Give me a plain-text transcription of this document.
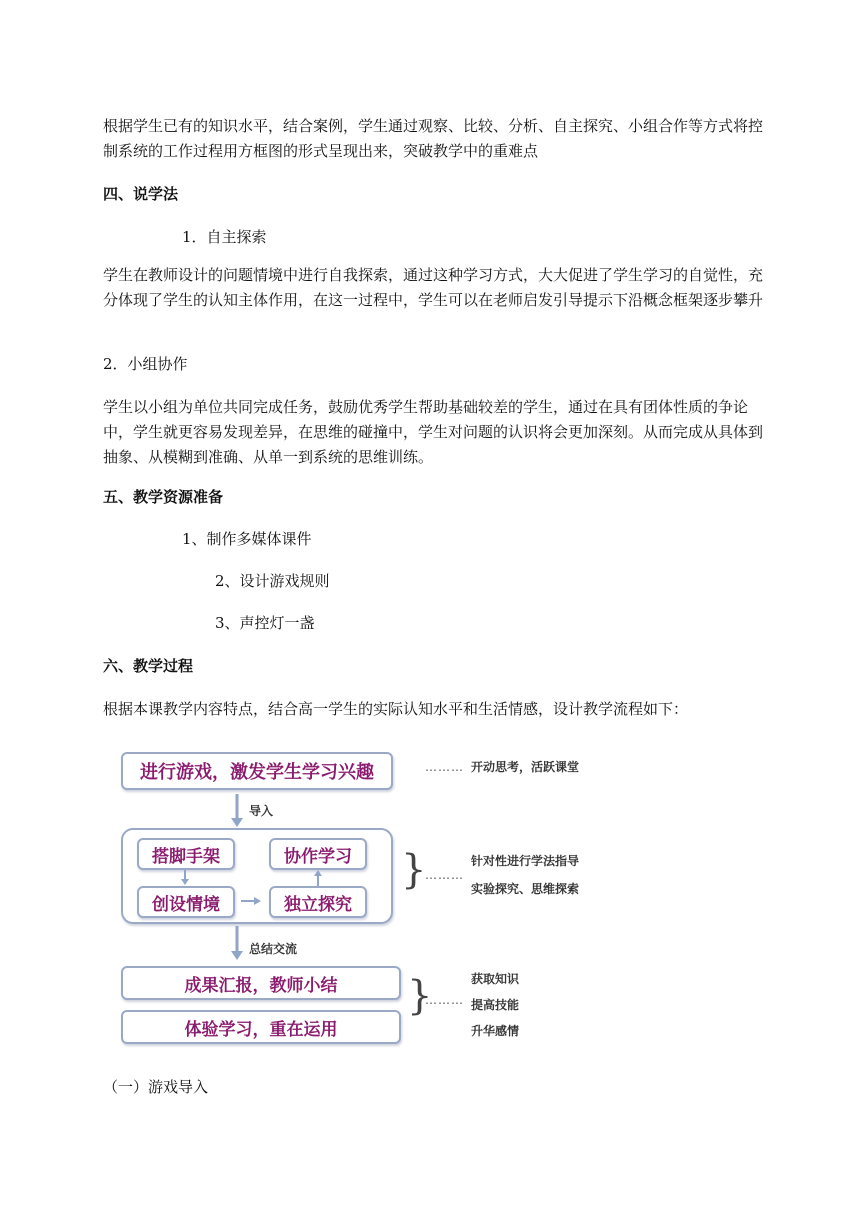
根据学生已有的知识水平，结合案例，学生通过观察、比较、分析、自主探究、小组合作等方式将控制系统的工作过程用方框图的形式呈现出来，突破教学中的重难点

四、说学法

1．自主探索

学生在教师设计的问题情境中进行自我探索，通过这种学习方式，大大促进了学生学习的自觉性，充分体现了学生的认知主体作用，在这一过程中，学生可以在老师启发引导提示下沿概念框架逐步攀升

2．小组协作

学生以小组为单位共同完成任务，鼓励优秀学生帮助基础较差的学生，通过在具有团体性质的争论中，学生就更容易发现差异，在思维的碰撞中，学生对问题的认识将会更加深刻。从而完成从具体到抽象、从模糊到准确、从单一到系统的思维训练。

五、教学资源准备

1、制作多媒体课件

2、设计游戏规则

3、声控灯一盏

六、教学过程

根据本课教学内容特点，结合高一学生的实际认知水平和生活情感，设计教学流程如下：

进行游戏，激发学生学习兴趣	……… 开动思考，活跃课堂
导入
搭脚手架	协作学习
创设情境	独立探究
}
………
针对性进行学法指导
实验探究、思维探索
总结交流
成果汇报，教师小结
体验学习，重在运用
}
………
获取知识
提高技能
升华感情

（一）游戏导入
